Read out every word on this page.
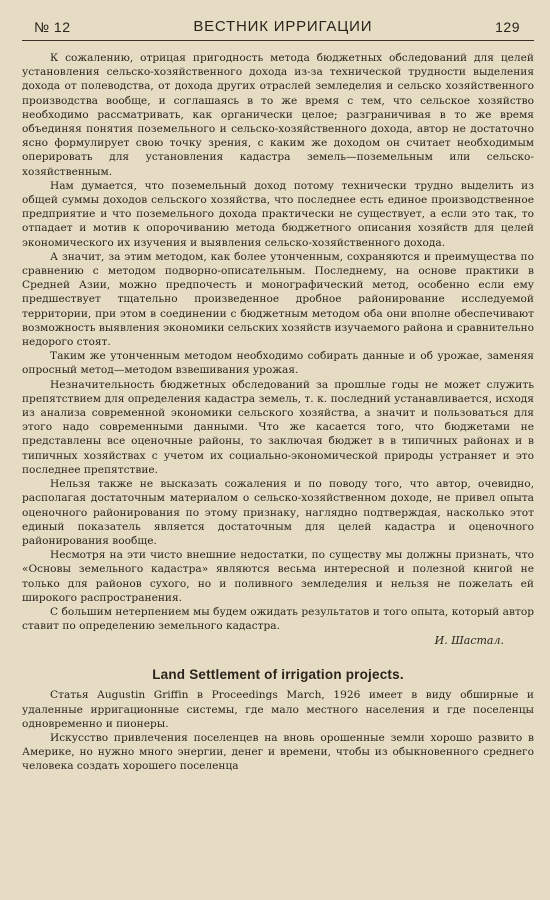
№ 12	ВЕСТНИК ИРРИГАЦИИ	129

К сожалению, отрицая пригодность метода бюджетных обследований для целей установления сельско-хозяйственного дохода из-за технической трудности выделения дохода от полеводства, от дохода других отраслей земледелия и сельско хозяйственного производства вообще, и соглашаясь в то же время с тем, что сельское хозяйство необходимо рассматривать, как органически целое; разграничивая в то же время объединяя понятия поземельного и сельско-хозяйственного дохода, автор не достаточно ясно формулирует свою точку зрения, с каким же доходом он считает необходимым оперировать для установления кадастра земель—поземельным или сельско-хозяйственным.

Нам думается, что поземельный доход потому технически трудно выделить из общей суммы доходов сельского хозяйства, что последнее есть единое производственное предприятие и что поземельного дохода практически не существует, а если это так, то отпадает и мотив к опорочиванию метода бюджетного описания хозяйств для целей экономического их изучения и выявления сельско-хозяйственного дохода.

А значит, за этим методом, как более утонченным, сохраняются и преимущества по сравнению с методом подворно-описательным. Последнему, на основе практики в Средней Азии, можно предпочесть и монографический метод, особенно если ему предшествует тщательно произведенное дробное районирование исследуемой территории, при этом в соединении с бюджетным методом оба они вполне обеспечивают возможность выявления экономики сельских хозяйств изучаемого района и сравнительно недорого стоят.

Таким же утонченным методом необходимо собирать данные и об урожае, заменяя опросный метод—методом взвешивания урожая.

Незначительность бюджетных обследований за прошлые годы не может служить препятствием для определения кадастра земель, т. к. последний устанавливается, исходя из анализа современной экономики сельского хозяйства, а значит и пользоваться для этого надо современными данными. Что же касается того, что бюджетами не представлены все оценочные районы, то заключая бюджет в в типичных районах и в типичных хозяйствах с учетом их социально-экономической природы устраняет и это последнее препятствие.

Нельзя также не высказать сожаления и по поводу того, что автор, очевидно, располагая достаточным материалом о сельско-хозяйственном доходе, не привел опыта оценочного районирования по этому признаку, наглядно подтверждая, насколько этот единый показатель является достаточным для целей кадастра и оценочного районирования вообще.

Несмотря на эти чисто внешние недостатки, по существу мы должны признать, что «Основы земельного кадастра» являются весьма интересной и полезной книгой не только для районов сухого, но и поливного земледелия и нельзя не пожелать ей широкого распространения.

С большим нетерпением мы будем ожидать результатов и того опыта, который автор ставит по определению земельного кадастра.

И. Шастал.

Land Settlement of irrigation projects.

Статья Augustin Griffin в Proceedings March, 1926 имеет в виду обширные и удаленные ирригационные системы, где мало местного населения и где поселенцы одновременно и пионеры.

Искусство привлечения поселенцев на вновь орошенные земли хорошо развито в Америке, но нужно много энергии, денег и времени, чтобы из обыкновенного среднего человека создать хорошего поселенца
